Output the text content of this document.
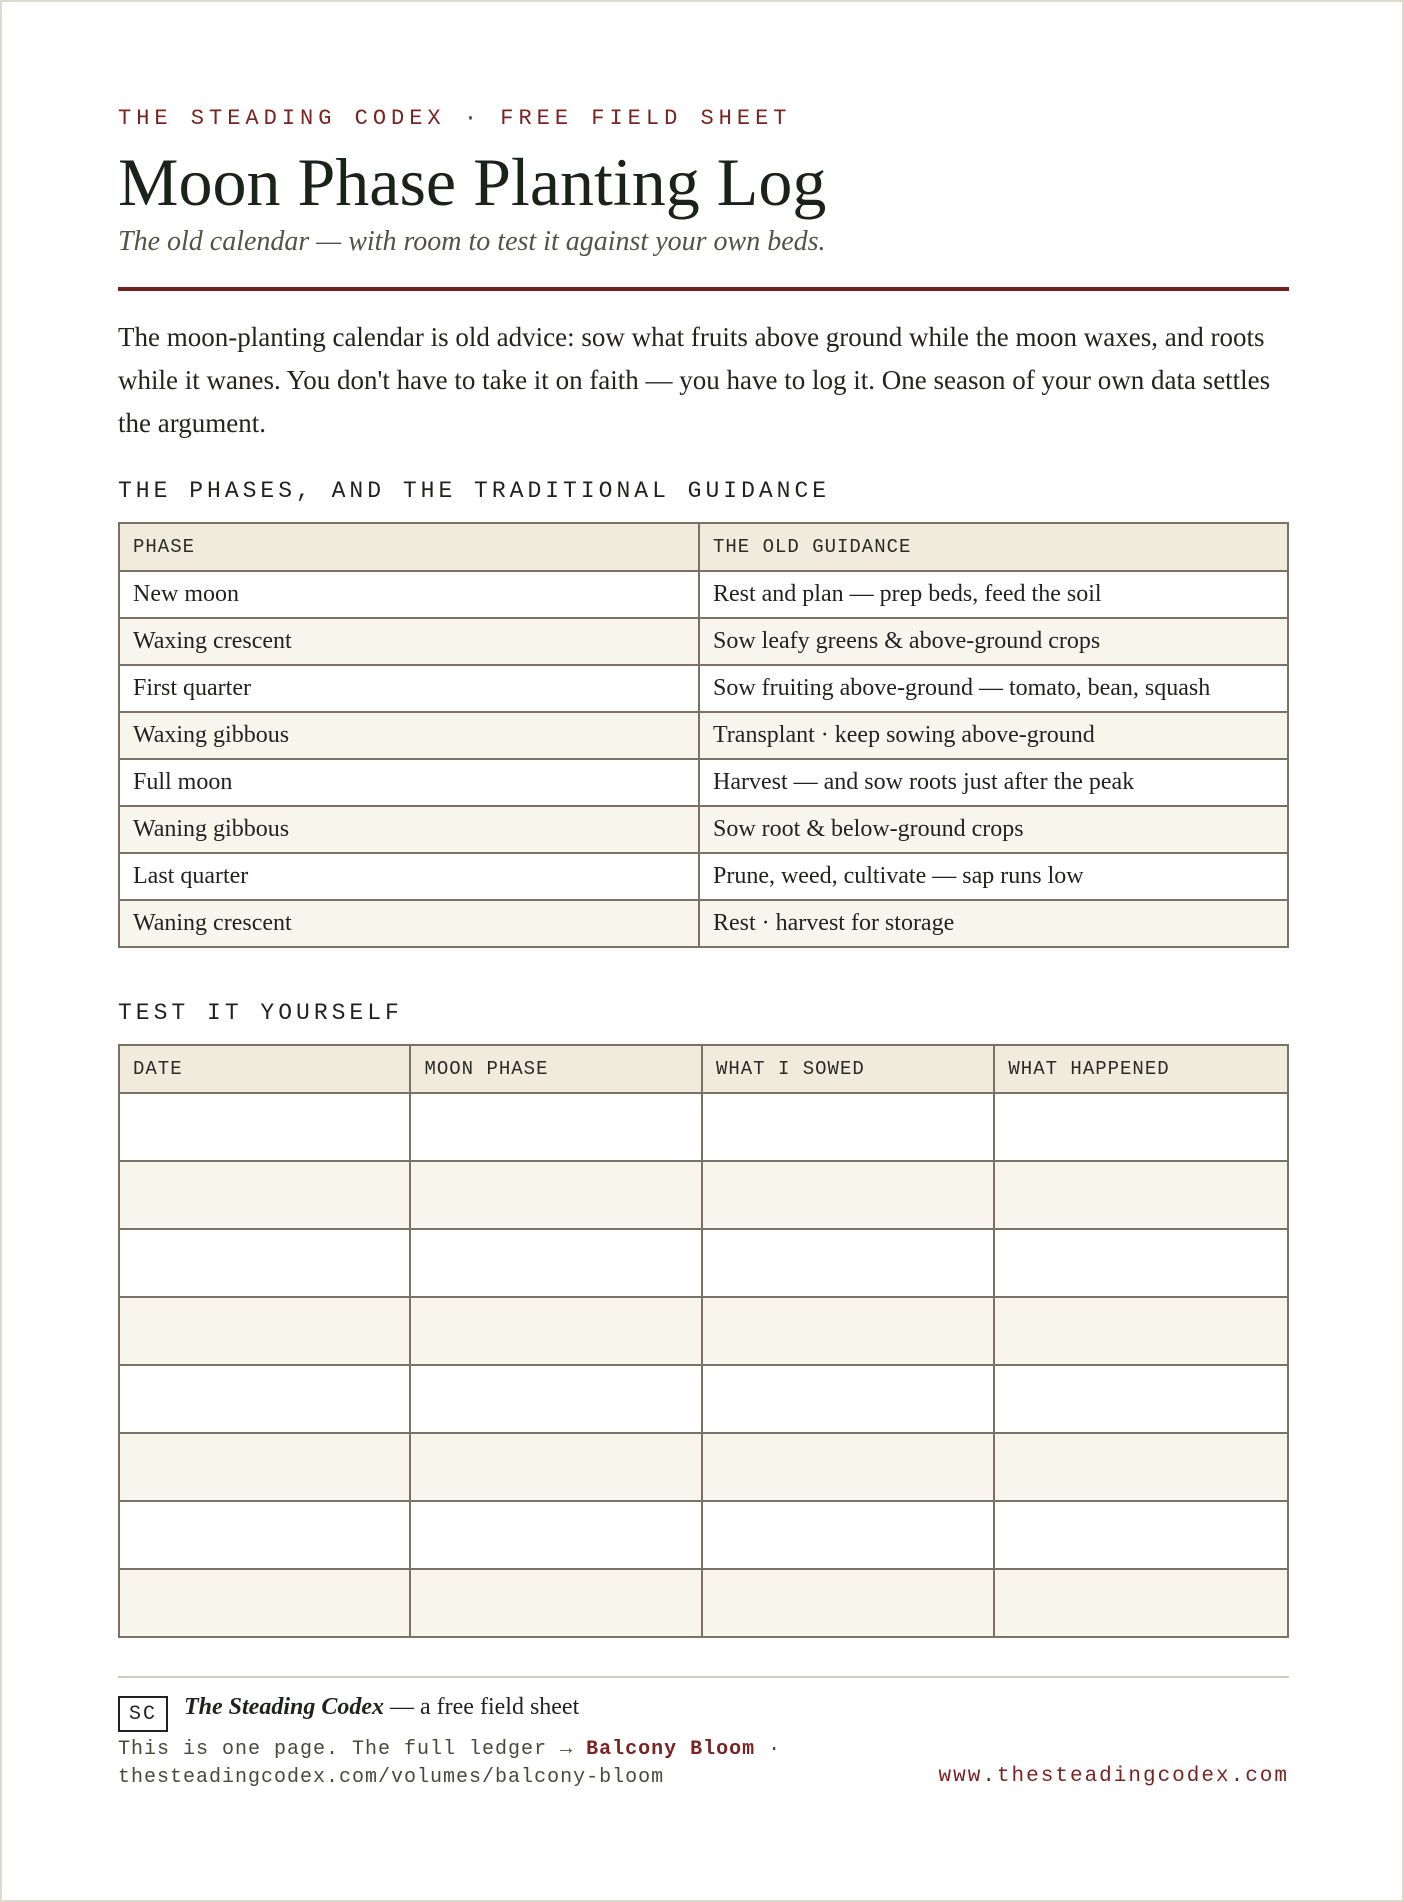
THE STEADING CODEX · FREE FIELD SHEET
Moon Phase Planting Log
The old calendar — with room to test it against your own beds.

The moon-planting calendar is old advice: sow what fruits above ground while the moon waxes, and roots while it wanes. You don't have to take it on faith — you have to log it. One season of your own data settles the argument.

THE PHASES, AND THE TRADITIONAL GUIDANCE
PHASE	THE OLD GUIDANCE
New moon	Rest and plan — prep beds, feed the soil
Waxing crescent	Sow leafy greens & above-ground crops
First quarter	Sow fruiting above-ground — tomato, bean, squash
Waxing gibbous	Transplant · keep sowing above-ground
Full moon	Harvest — and sow roots just after the peak
Waning gibbous	Sow root & below-ground crops
Last quarter	Prune, weed, cultivate — sap runs low
Waning crescent	Rest · harvest for storage
TEST IT YOURSELF
DATE	MOON PHASE	WHAT I SOWED	WHAT HAPPENED

SC	The Steading Codex — a free field sheet
This is one page. The full ledger → Balcony Bloom ·
thesteadingcodex.com/volumes/balcony-bloom	www.thesteadingcodex.com
